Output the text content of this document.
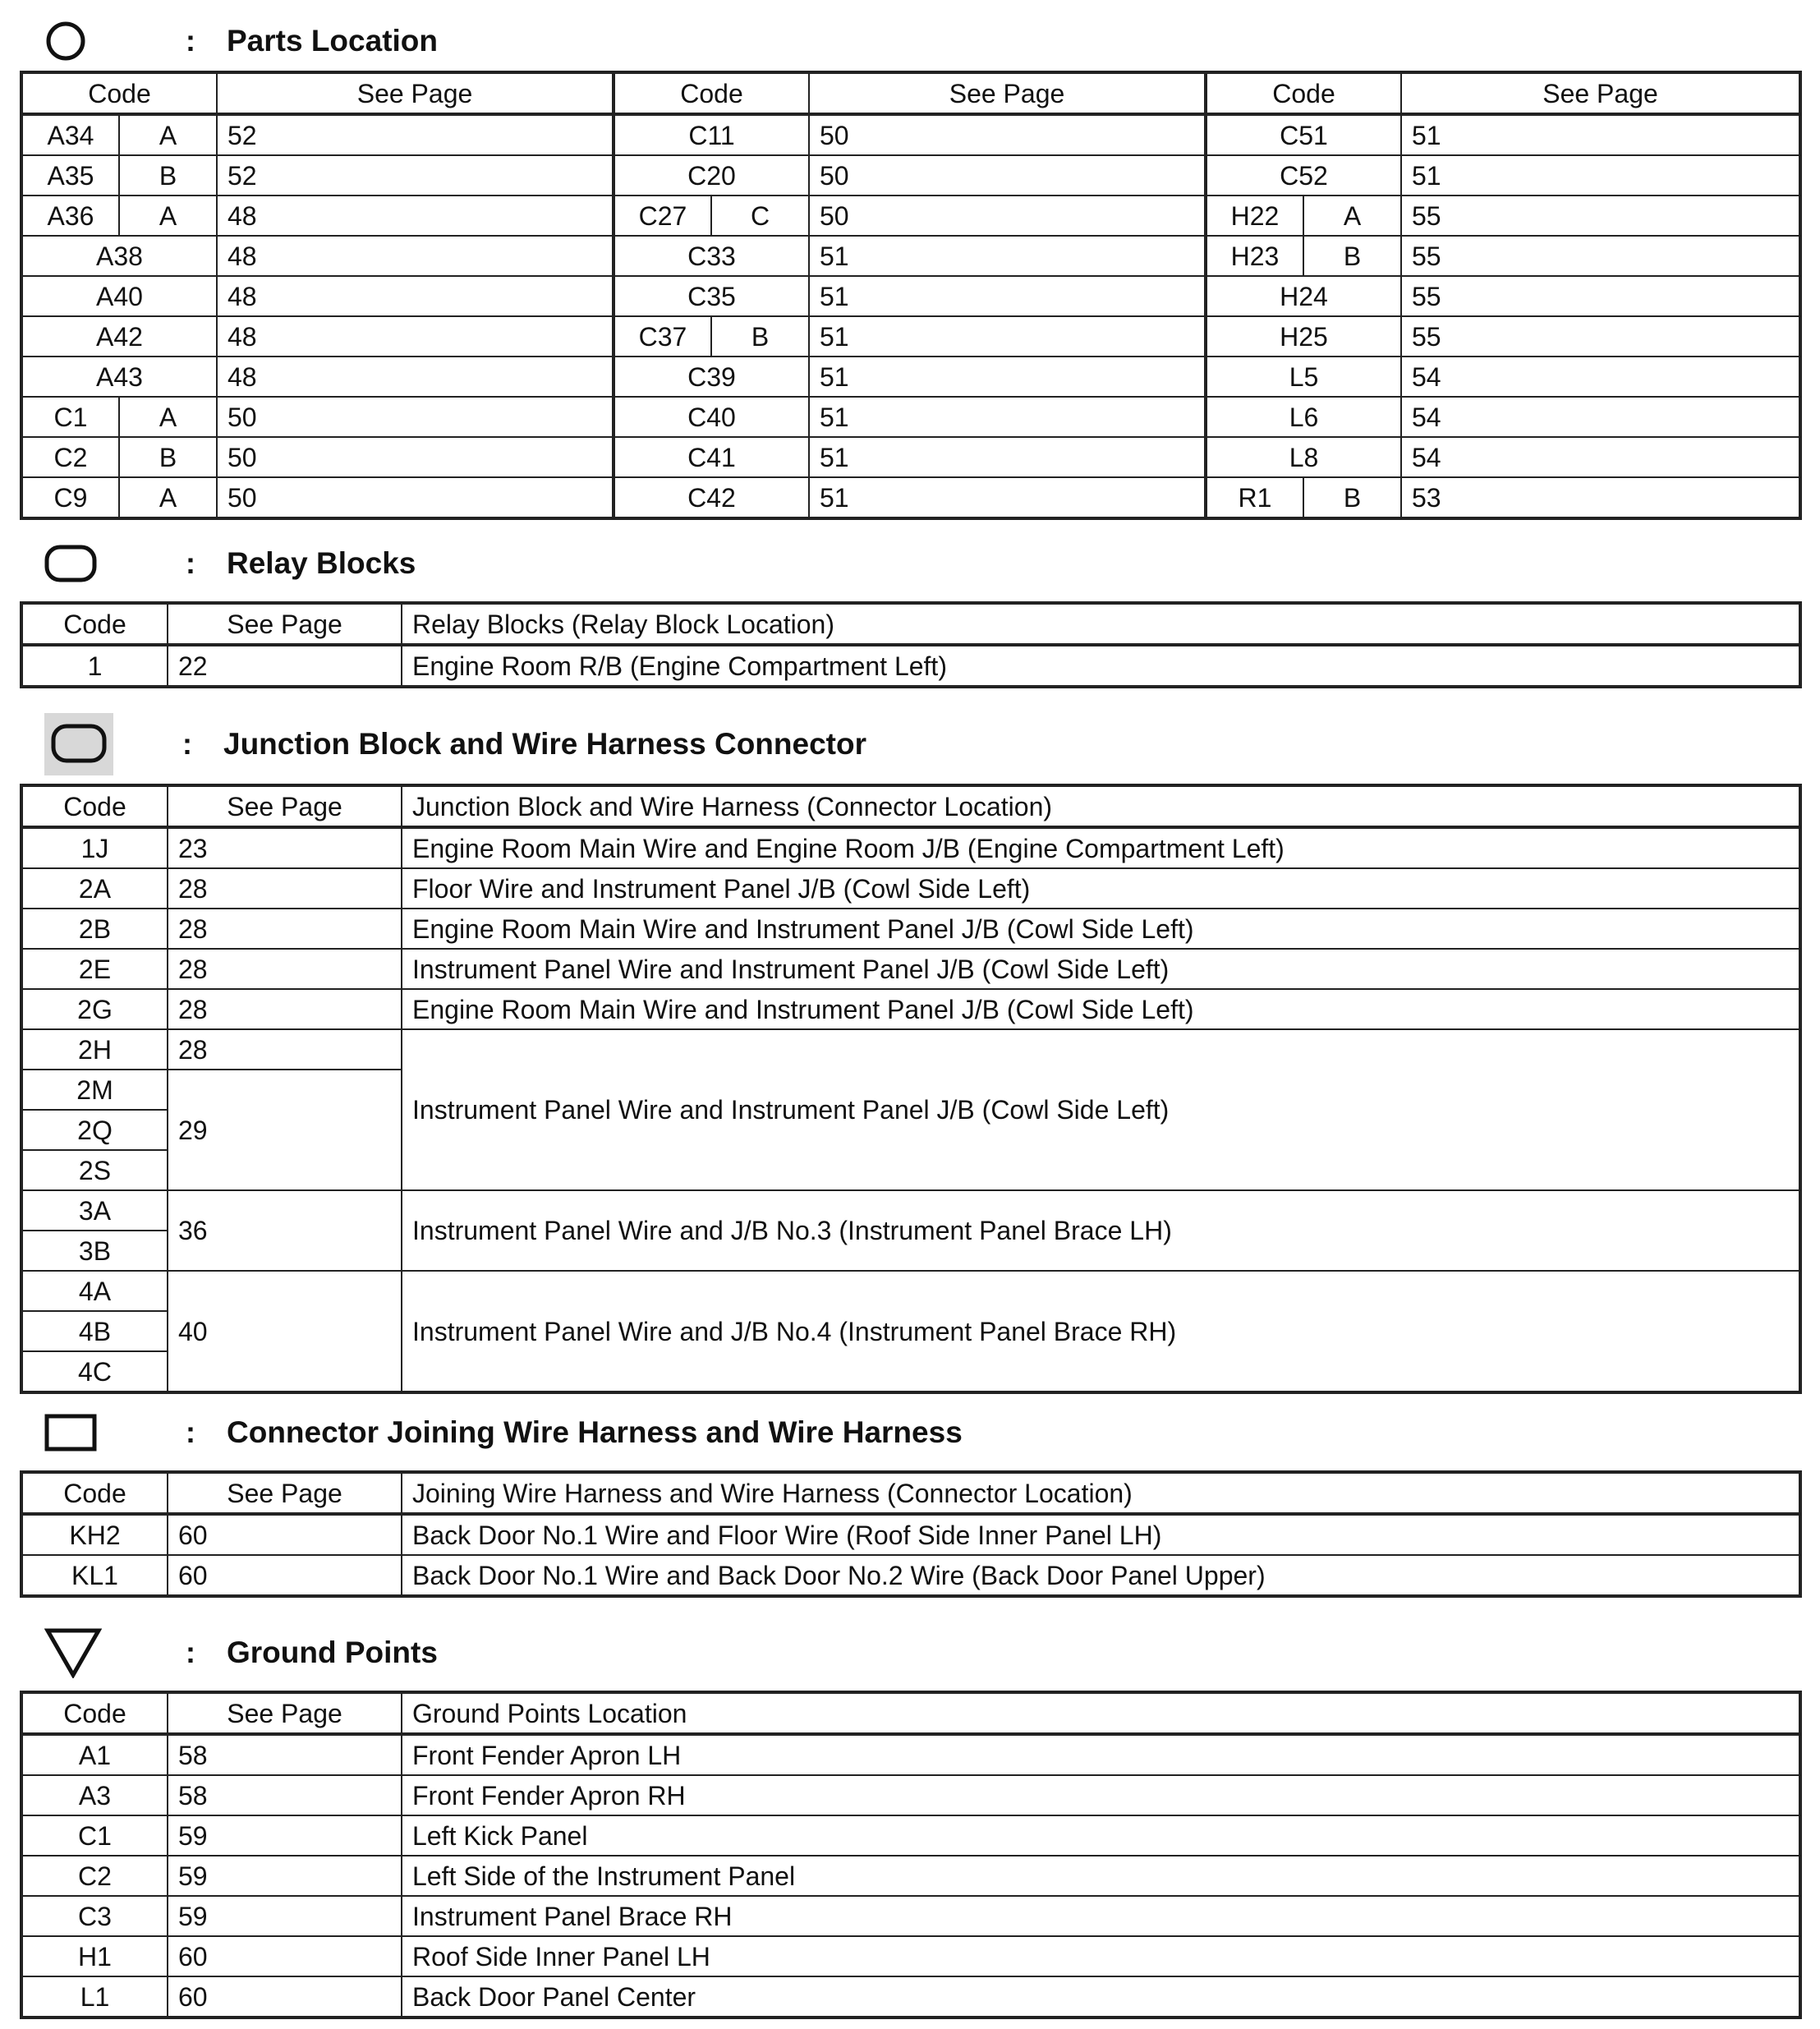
:	Parts Location
Code		See Page	Code		See Page	Code		See Page
A34	A	52	C11		50	C51		51
A35	B	52	C20		50	C52		51
A36	A	48	C27	C	50	H22	A	55
A38		48	C33		51	H23	B	55
A40		48	C35		51	H24		55
A42		48	C37	B	51	H25		55
A43		48	C39		51	L5		54
C1	A	50	C40		51	L6		54
C2	B	50	C41		51	L8		54
C9	A	50	C42		51	R1	B	53
:	Relay Blocks
Code	See Page	Relay Blocks (Relay Block Location)
1	22	Engine Room R/B (Engine Compartment Left)
:	Junction Block and Wire Harness Connector
Code	See Page	Junction Block and Wire Harness (Connector Location)
1J	23	Engine Room Main Wire and Engine Room J/B (Engine Compartment Left)
2A	28	Floor Wire and Instrument Panel J/B (Cowl Side Left)
2B	28	Engine Room Main Wire and Instrument Panel J/B (Cowl Side Left)
2E	28	Instrument Panel Wire and Instrument Panel J/B (Cowl Side Left)
2G	28	Engine Room Main Wire and Instrument Panel J/B (Cowl Side Left)
2H	28	Instrument Panel Wire and Instrument Panel J/B (Cowl Side Left)
2M	29	
2Q		
2S		
3A	36	Instrument Panel Wire and J/B No.3 (Instrument Panel Brace LH)
3B		
4A	40	Instrument Panel Wire and J/B No.4 (Instrument Panel Brace RH)
4B		
4C		
:	Connector Joining Wire Harness and Wire Harness
Code	See Page	Joining Wire Harness and Wire Harness (Connector Location)
KH2	60	Back Door No.1 Wire and Floor Wire (Roof Side Inner Panel LH)
KL1	60	Back Door No.1 Wire and Back Door No.2 Wire (Back Door Panel Upper)
:	Ground Points
Code	See Page	Ground Points Location
A1	58	Front Fender Apron LH
A3	58	Front Fender Apron RH
C1	59	Left Kick Panel
C2	59	Left Side of the Instrument Panel
C3	59	Instrument Panel Brace RH
H1	60	Roof Side Inner Panel LH
L1	60	Back Door Panel Center
